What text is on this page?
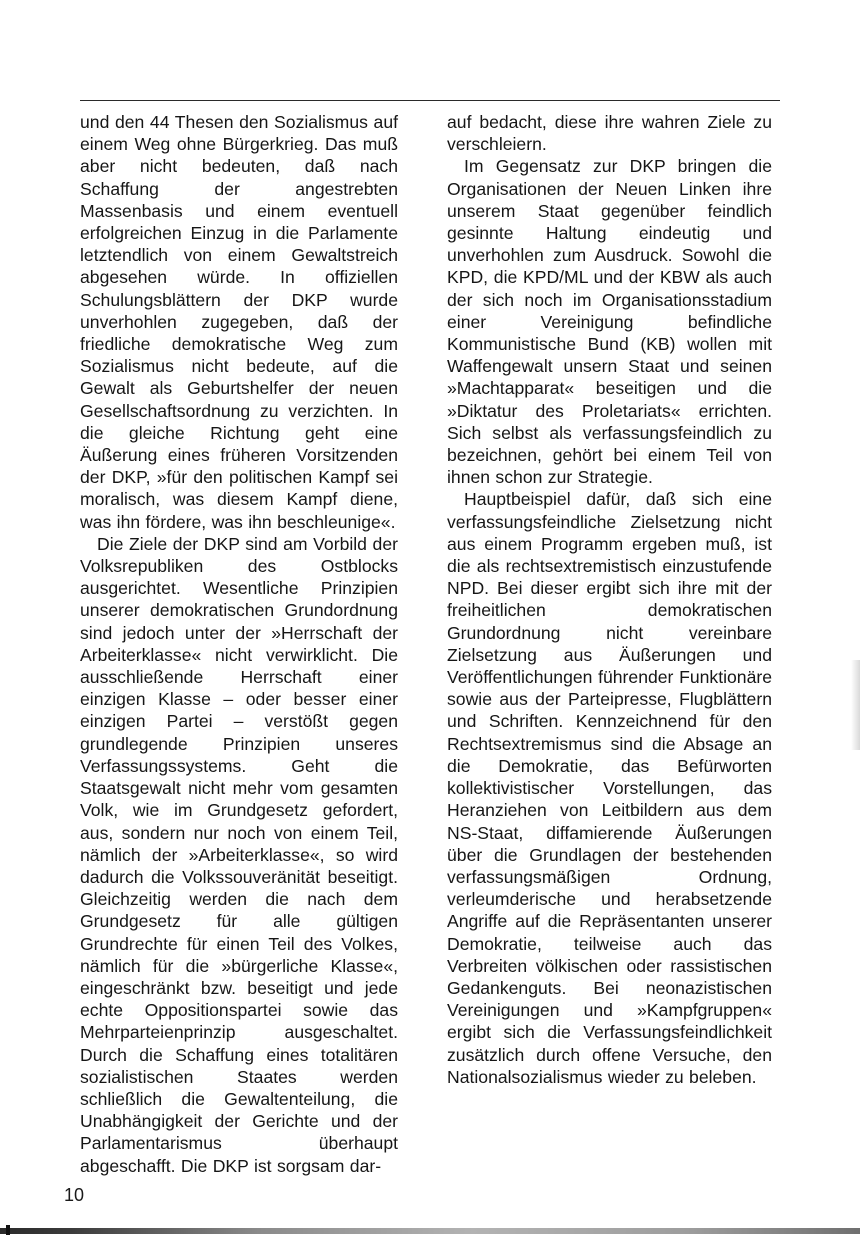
und den 44 Thesen den Sozialismus auf einem Weg ohne Bürgerkrieg. Das muß aber nicht bedeuten, daß nach Schaffung der angestrebten Massenbasis und einem eventuell erfolgreichen Einzug in die Parlamente letztendlich von einem Gewaltstreich abgesehen würde. In offiziellen Schulungsblättern der DKP wurde unverhohlen zugegeben, daß der friedliche demokratische Weg zum Sozialismus nicht bedeute, auf die Gewalt als Geburtshelfer der neuen Gesellschaftsordnung zu verzichten. In die gleiche Richtung geht eine Äußerung eines früheren Vorsitzenden der DKP, »für den politischen Kampf sei moralisch, was diesem Kampf diene, was ihn fördere, was ihn beschleunige«.

Die Ziele der DKP sind am Vorbild der Volksrepubliken des Ostblocks ausgerichtet. Wesentliche Prinzipien unserer demokratischen Grundordnung sind jedoch unter der »Herrschaft der Arbeiterklasse« nicht verwirklicht. Die ausschließende Herrschaft einer einzigen Klasse – oder besser einer einzigen Partei – verstößt gegen grundlegende Prinzipien unseres Verfassungssystems. Geht die Staatsgewalt nicht mehr vom gesamten Volk, wie im Grundgesetz gefordert, aus, sondern nur noch von einem Teil, nämlich der »Arbeiterklasse«, so wird dadurch die Volkssouveränität beseitigt. Gleichzeitig werden die nach dem Grundgesetz für alle gültigen Grundrechte für einen Teil des Volkes, nämlich für die »bürgerliche Klasse«, eingeschränkt bzw. beseitigt und jede echte Oppositionspartei sowie das Mehrparteienprinzip ausgeschaltet. Durch die Schaffung eines totalitären sozialistischen Staates werden schließlich die Gewaltenteilung, die Unabhängigkeit der Gerichte und der Parlamentarismus überhaupt abgeschafft. Die DKP ist sorgsam dar-

auf bedacht, diese ihre wahren Ziele zu verschleiern.

Im Gegensatz zur DKP bringen die Organisationen der Neuen Linken ihre unserem Staat gegenüber feindlich gesinnte Haltung eindeutig und unverhohlen zum Ausdruck. Sowohl die KPD, die KPD/ML und der KBW als auch der sich noch im Organisationsstadium einer Vereinigung befindliche Kommunistische Bund (KB) wollen mit Waffengewalt unsern Staat und seinen »Machtapparat« beseitigen und die »Diktatur des Proletariats« errichten. Sich selbst als verfassungsfeindlich zu bezeichnen, gehört bei einem Teil von ihnen schon zur Strategie.

Hauptbeispiel dafür, daß sich eine verfassungsfeindliche Zielsetzung nicht aus einem Programm ergeben muß, ist die als rechtsextremistisch einzustufende NPD. Bei dieser ergibt sich ihre mit der freiheitlichen demokratischen Grundordnung nicht vereinbare Zielsetzung aus Äußerungen und Veröffentlichungen führender Funktionäre sowie aus der Parteipresse, Flugblättern und Schriften. Kennzeichnend für den Rechtsextremismus sind die Absage an die Demokratie, das Befürworten kollektivistischer Vorstellungen, das Heranziehen von Leitbildern aus dem NS-Staat, diffamierende Äußerungen über die Grundlagen der bestehenden verfassungsmäßigen Ordnung, verleumderische und herabsetzende Angriffe auf die Repräsentanten unserer Demokratie, teilweise auch das Verbreiten völkischen oder rassistischen Gedankenguts. Bei neonazistischen Vereinigungen und »Kampfgruppen« ergibt sich die Verfassungsfeindlichkeit zusätzlich durch offene Versuche, den Nationalsozialismus wieder zu beleben.

10
